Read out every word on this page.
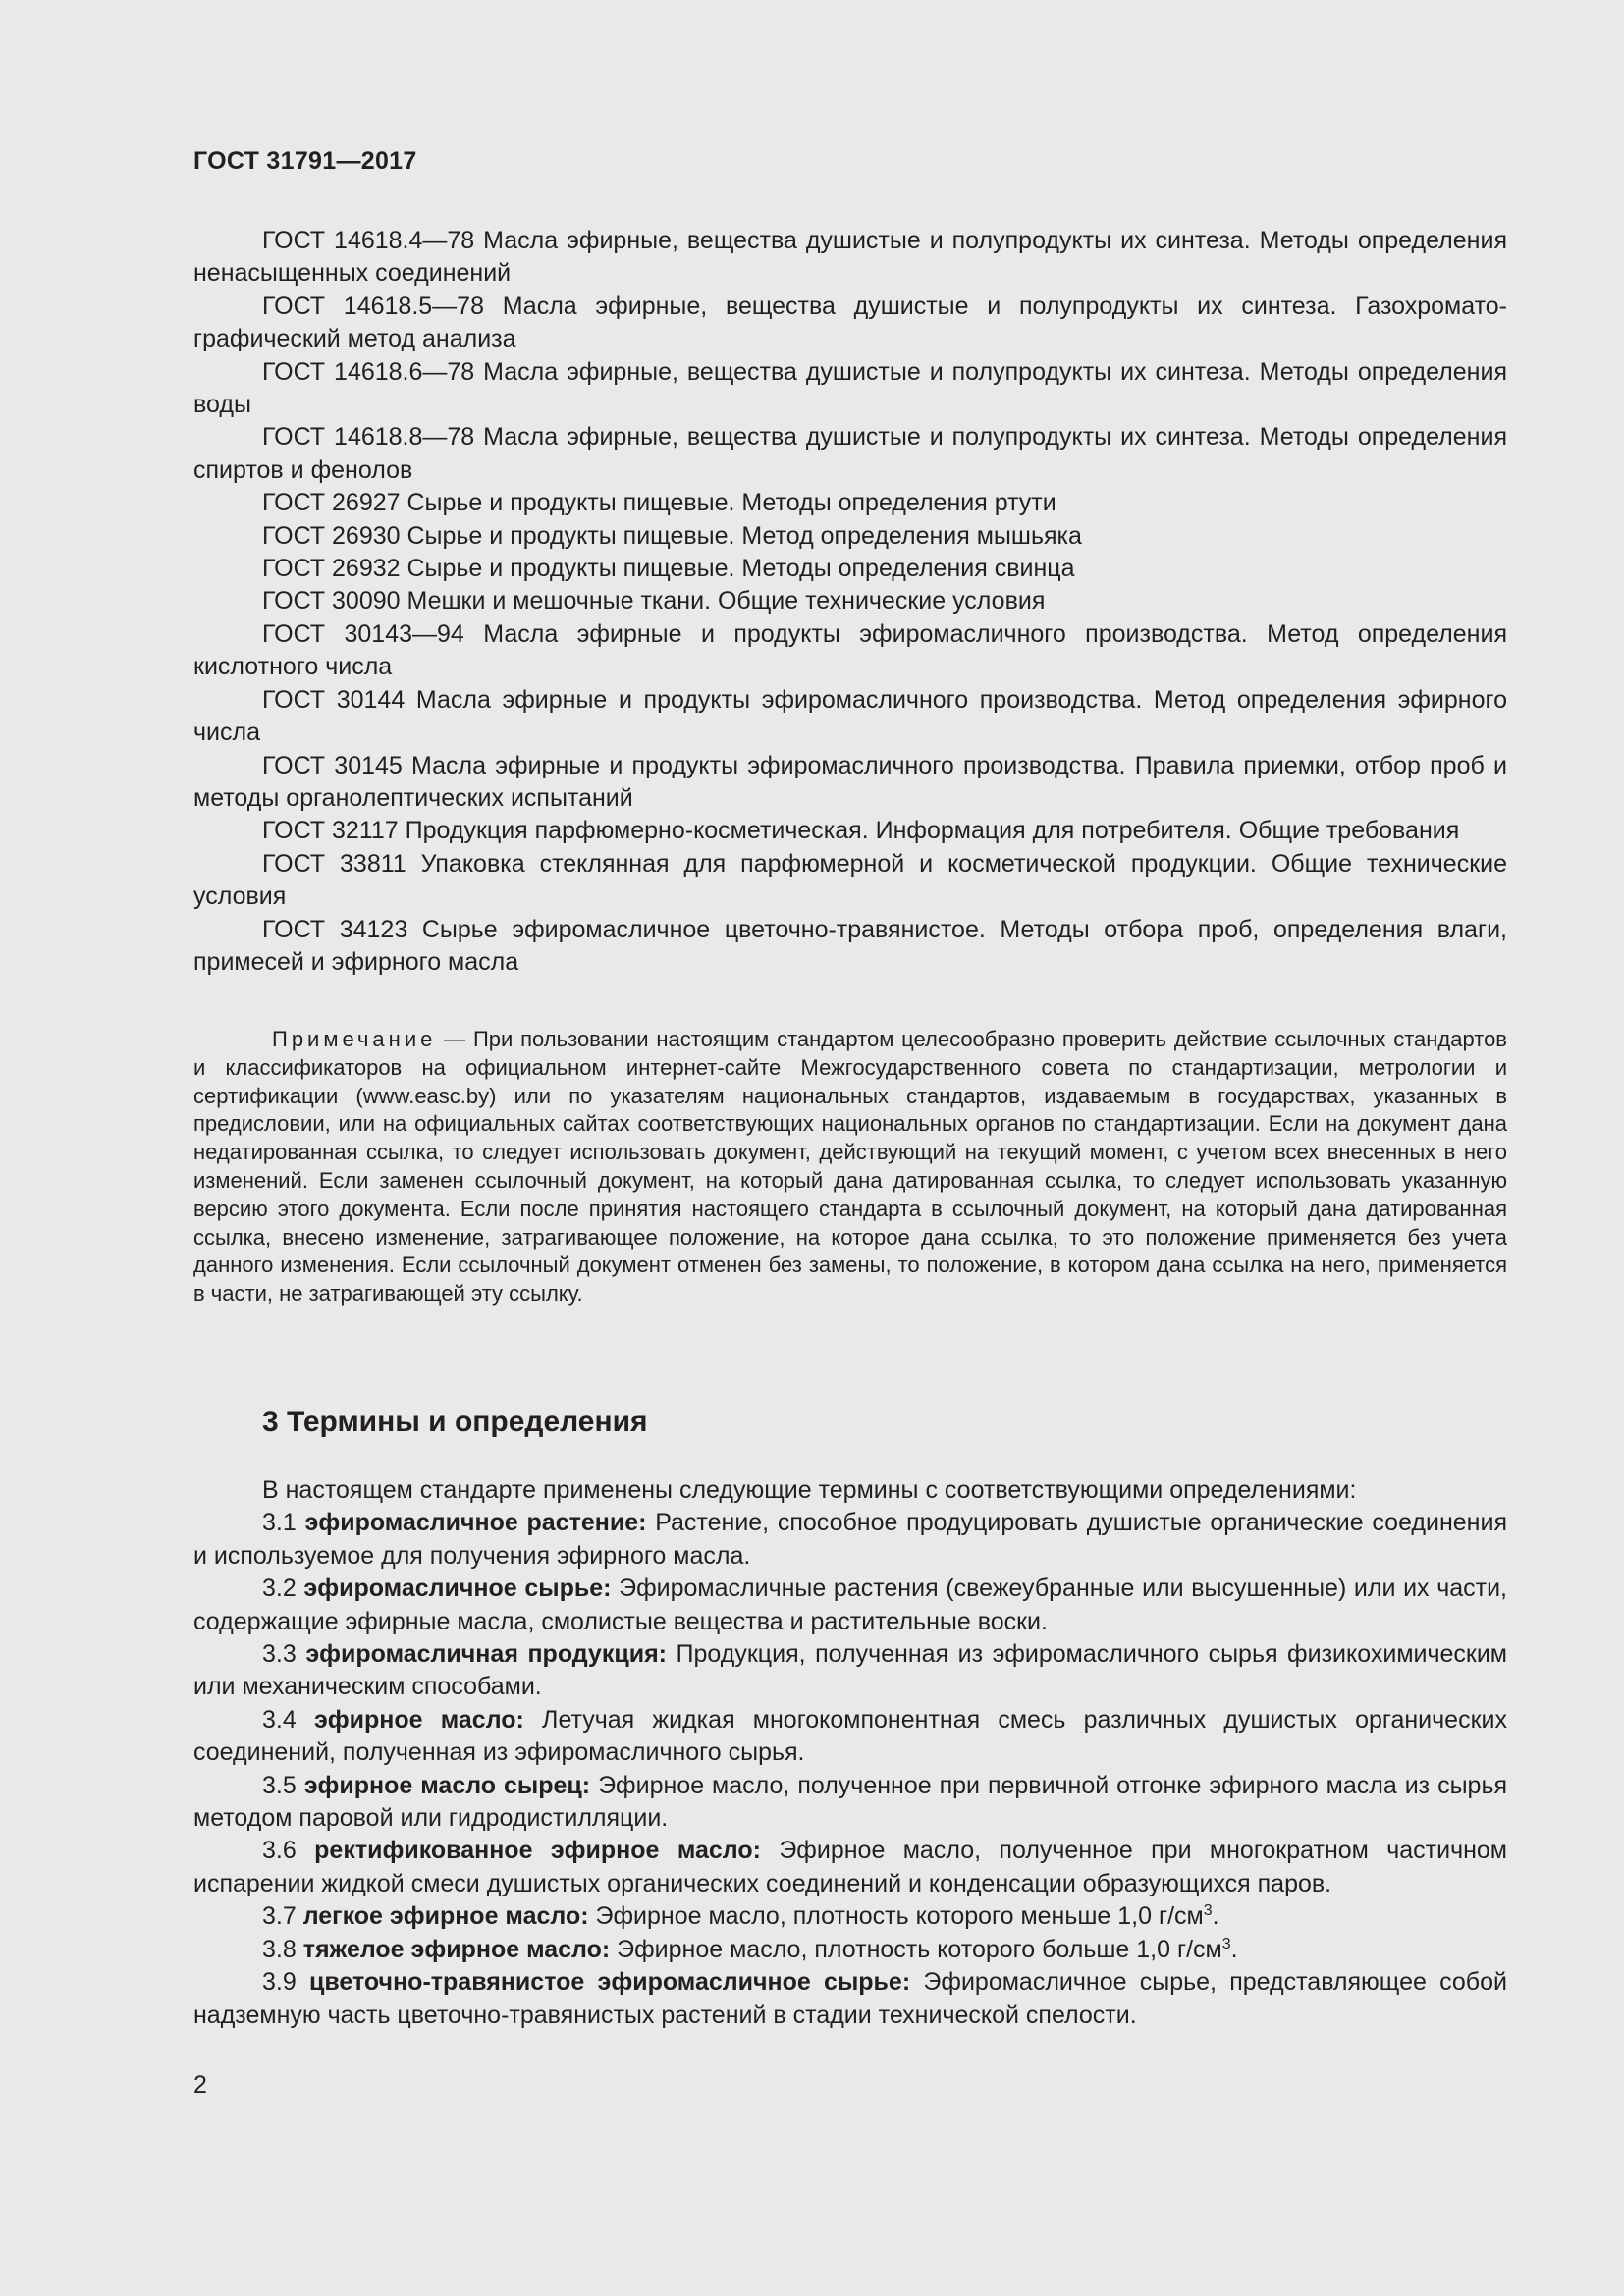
ГОСТ 31791—2017

ГОСТ 14618.4—78 Масла эфирные, вещества душистые и полупродукты их синтеза. Методы определения ненасыщенных соединений

ГОСТ 14618.5—78 Масла эфирные, вещества душистые и полупродукты их синтеза. Газохроматографический метод анализа

ГОСТ 14618.6—78 Масла эфирные, вещества душистые и полупродукты их синтеза. Методы определения воды

ГОСТ 14618.8—78 Масла эфирные, вещества душистые и полупродукты их синтеза. Методы определения спиртов и фенолов

ГОСТ 26927 Сырье и продукты пищевые. Методы определения ртути

ГОСТ 26930 Сырье и продукты пищевые. Метод определения мышьяка

ГОСТ 26932 Сырье и продукты пищевые. Методы определения свинца

ГОСТ 30090 Мешки и мешочные ткани. Общие технические условия

ГОСТ 30143—94 Масла эфирные и продукты эфиромасличного производства. Метод определения кислотного числа

ГОСТ 30144 Масла эфирные и продукты эфиромасличного производства. Метод определения эфирного числа

ГОСТ 30145 Масла эфирные и продукты эфиромасличного производства. Правила приемки, отбор проб и методы органолептических испытаний

ГОСТ 32117 Продукция парфюмерно-косметическая. Информация для потребителя. Общие требования

ГОСТ 33811 Упаковка стеклянная для парфюмерной и косметической продукции. Общие технические условия

ГОСТ 34123 Сырье эфиромасличное цветочно-травянистое. Методы отбора проб, определения влаги, примесей и эфирного масла

Примечание — При пользовании настоящим стандартом целесообразно проверить действие ссылочных стандартов и классификаторов на официальном интернет-сайте Межгосударственного совета по стандартизации, метрологии и сертификации (www.easc.by) или по указателям национальных стандартов, издаваемым в государствах, указанных в предисловии, или на официальных сайтах соответствующих национальных органов по стандартизации. Если на документ дана недатированная ссылка, то следует использовать документ, действующий на текущий момент, с учетом всех внесенных в него изменений. Если заменен ссылочный документ, на который дана датированная ссылка, то следует использовать указанную версию этого документа. Если после принятия настоящего стандарта в ссылочный документ, на который дана датированная ссылка, внесено изменение, затрагивающее положение, на которое дана ссылка, то это положение применяется без учета данного изменения. Если ссылочный документ отменен без замены, то положение, в котором дана ссылка на него, применяется в части, не затрагивающей эту ссылку.

3 Термины и определения

В настоящем стандарте применены следующие термины с соответствующими определениями:

3.1 эфиромасличное растение: Растение, способное продуцировать душистые органические соединения и используемое для получения эфирного масла.

3.2 эфиромасличное сырье: Эфиромасличные растения (свежеубранные или высушенные) или их части, содержащие эфирные масла, смолистые вещества и растительные воски.

3.3 эфиромасличная продукция: Продукция, полученная из эфиромасличного сырья физикохимическим или механическим способами.

3.4 эфирное масло: Летучая жидкая многокомпонентная смесь различных душистых органических соединений, полученная из эфиромасличного сырья.

3.5 эфирное масло сырец: Эфирное масло, полученное при первичной отгонке эфирного масла из сырья методом паровой или гидродистилляции.

3.6 ректификованное эфирное масло: Эфирное масло, полученное при многократном частичном испарении жидкой смеси душистых органических соединений и конденсации образующихся паров.

3.7 легкое эфирное масло: Эфирное масло, плотность которого меньше 1,0 $г/см^3$.

3.8 тяжелое эфирное масло: Эфирное масло, плотность которого больше 1,0 $г/см^3$.

3.9 цветочно-травянистое эфиромасличное сырье: Эфиромасличное сырье, представляющее собой надземную часть цветочно-травянистых растений в стадии технической спелости.

2
